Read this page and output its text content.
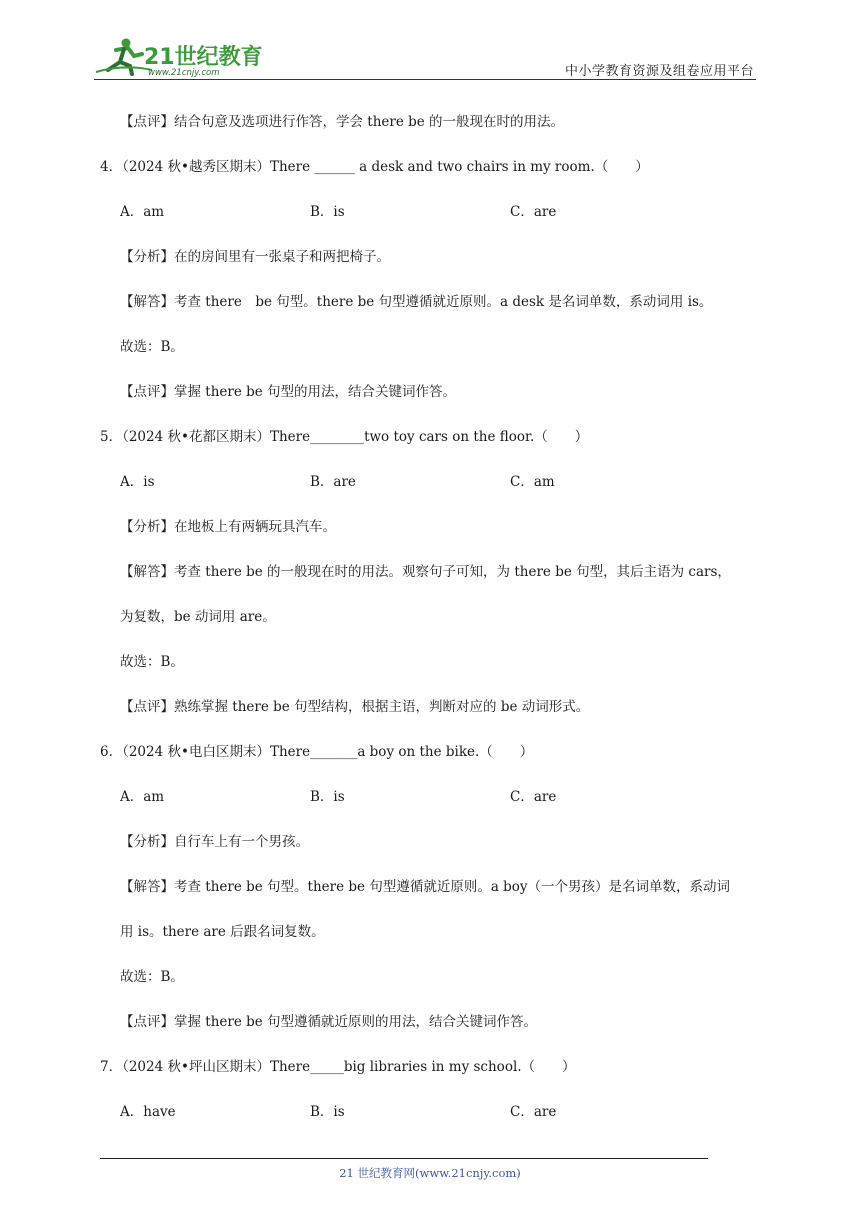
21世纪教育
www.21cnjy.com	中小学教育资源及组卷应用平台
【点评】结合句意及选项进行作答，学会 there be 的一般现在时的用法。
4．（2024 秋•越秀区期末）There ______ a desk and two chairs in my room.（　　）
A．am	B．is	C．are
【分析】在的房间里有一张桌子和两把椅子。
【解答】考查 there　be 句型。there be 句型遵循就近原则。a desk 是名词单数，系动词用 is。
故选：B。
【点评】掌握 there be 句型的用法，结合关键词作答。
5．（2024 秋•花都区期末）There________two toy cars on the floor.（　　）
A．is	B．are	C．am
【分析】在地板上有两辆玩具汽车。
【解答】考查 there be 的一般现在时的用法。观察句子可知，为 there be 句型，其后主语为 cars，
为复数，be 动词用 are。
故选：B。
【点评】熟练掌握 there be 句型结构，根据主语，判断对应的 be 动词形式。
6．（2024 秋•电白区期末）There_______a boy on the bike.（　　）
A．am	B．is	C．are
【分析】自行车上有一个男孩。
【解答】考查 there be 句型。there be 句型遵循就近原则。a boy（一个男孩）是名词单数，系动词
用 is。there are 后跟名词复数。
故选：B。
【点评】掌握 there be 句型遵循就近原则的用法，结合关键词作答。
7．（2024 秋•坪山区期末）There_____big libraries in my school.（　　）
A．have	B．is	C．are
21 世纪教育网(www.21cnjy.com)
